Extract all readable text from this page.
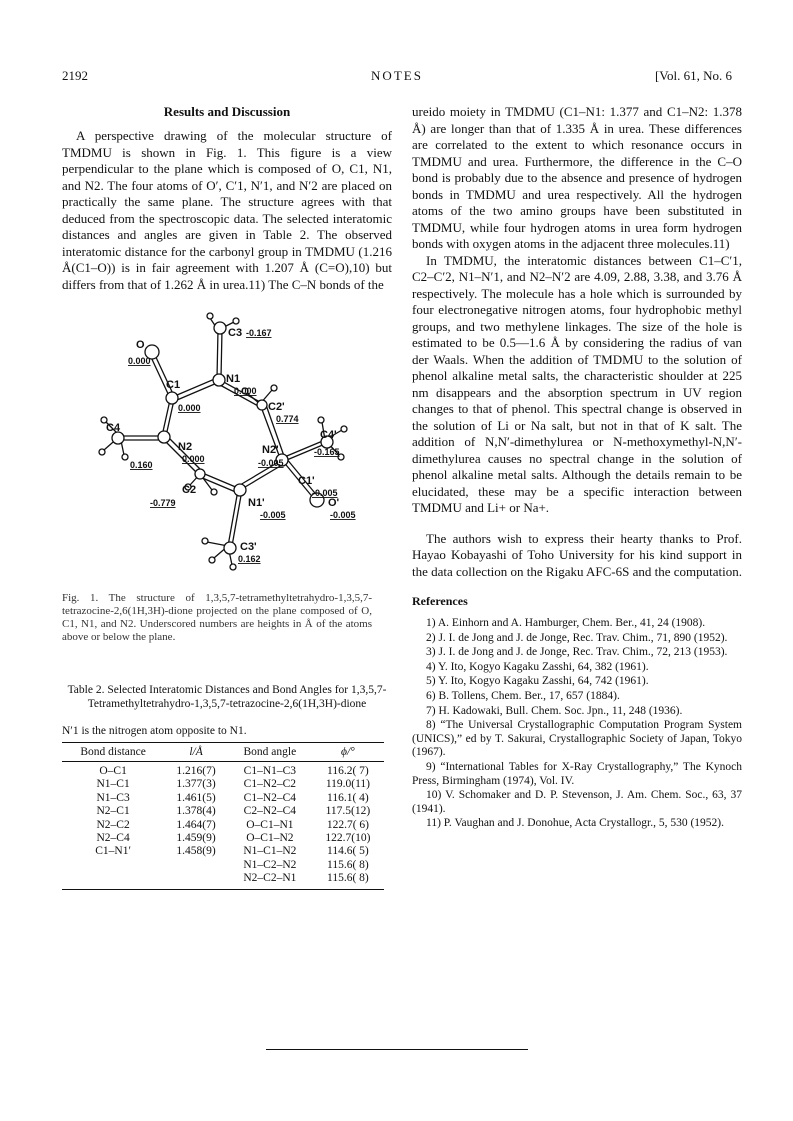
2192	NOTES	[Vol. 61, No. 6
Results and Discussion

A perspective drawing of the molecular structure of TMDMU is shown in Fig. 1. This figure is a view perpendicular to the plane which is composed of O, C1, N1, and N2. The four atoms of O′, C′1, N′1, and N′2 are placed on practically the same plane. The structure agrees with that deduced from the spectroscopic data. The selected interatomic distances and angles are given in Table 2. The observed interatomic distance for the carbonyl group in TMDMU (1.216 Å(C1–O)) is in fair agreement with 1.207 Å (C=O),10) but differs from that of 1.262 Å in urea.11) The C–N bonds of the

C3 -0.167
O
0.000
C1
0.000
N1
0.000
C2'
0.774
C4'
-0.165
C4
0.160
N2
0.000
N2'
-0.005
C2
-0.779
C1'
-0.005
N1'
-0.005
O'
-0.005
C3'
0.162
Fig. 1. The structure of 1,3,5,7-tetramethyltetrahydro-1,3,5,7-tetrazocine-2,6(1H,3H)-dione projected on the plane composed of O, C1, N1, and N2. Underscored numbers are heights in Å of the atoms above or below the plane.
Table 2. Selected Interatomic Distances and Bond Angles for 1,3,5,7-Tetramethyltetrahydro-1,3,5,7-tetrazocine-2,6(1H,3H)-dione
N′1 is the nitrogen atom opposite to N1.
Bond distance	l/Å	Bond angle	ϕ/°
O–C1	1.216(7)	C1–N1–C3	116.2( 7)
N1–C1	1.377(3)	C1–N2–C2	119.0(11)
N1–C3	1.461(5)	C1–N2–C4	116.1( 4)
N2–C1	1.378(4)	C2–N2–C4	117.5(12)
N2–C2	1.464(7)	O–C1–N1	122.7( 6)
N2–C4	1.459(9)	O–C1–N2	122.7(10)
C1–N1′	1.458(9)	N1–C1–N2	114.6( 5)
		N1–C2–N2	115.6( 8)
		N2–C2–N1	115.6( 8)

ureido moiety in TMDMU (C1–N1: 1.377 and C1–N2: 1.378 Å) are longer than that of 1.335 Å in urea. These differences are correlated to the extent to which resonance occurs in TMDMU and urea. Furthermore, the difference in the C–O bond is probably due to the absence and presence of hydrogen bonds in TMDMU and urea respectively. All the hydrogen atoms of the two amino groups have been substituted in TMDMU, while four hydrogen atoms in urea form hydrogen bonds with oxygen atoms in the adjacent three molecules.11)

In TMDMU, the interatomic distances between C1–C′1, C2–C′2, N1–N′1, and N2–N′2 are 4.09, 2.88, 3.38, and 3.76 Å respectively. The molecule has a hole which is surrounded by four electronegative nitrogen atoms, four hydrophobic methyl groups, and two methylene linkages. The size of the hole is estimated to be 0.5—1.6 Å by considering the radius of van der Waals. When the addition of TMDMU to the solution of phenol alkaline metal salts, the characteristic shoulder at 225 nm disappears and the absorption spectrum in UV region changes to that of phenol. This spectral change is observed in the solution of Li or Na salt, but not in that of K salt. The addition of N,N′-dimethylurea or N-methoxymethyl-N,N′-dimethylurea causes no spectral change in the solution of phenol alkaline metal salts. Although the details remain to be elucidated, these may be a specific interaction between TMDMU and Li+ or Na+.

The authors wish to express their hearty thanks to Prof. Hayao Kobayashi of Toho University for his kind support in the data collection on the Rigaku AFC-6S and the computation.

References
1) A. Einhorn and A. Hamburger, Chem. Ber., 41, 24 (1908).
2) J. I. de Jong and J. de Jonge, Rec. Trav. Chim., 71, 890 (1952).
3) J. I. de Jong and J. de Jonge, Rec. Trav. Chim., 72, 213 (1953).
4) Y. Ito, Kogyo Kagaku Zasshi, 64, 382 (1961).
5) Y. Ito, Kogyo Kagaku Zasshi, 64, 742 (1961).
6) B. Tollens, Chem. Ber., 17, 657 (1884).
7) H. Kadowaki, Bull. Chem. Soc. Jpn., 11, 248 (1936).
8) “The Universal Crystallographic Computation Program System (UNICS),” ed by T. Sakurai, Crystallographic Society of Japan, Tokyo (1967).
9) “International Tables for X-Ray Crystallography,” The Kynoch Press, Birmingham (1974), Vol. IV.
10) V. Schomaker and D. P. Stevenson, J. Am. Chem. Soc., 63, 37 (1941).
11) P. Vaughan and J. Donohue, Acta Crystallogr., 5, 530 (1952).
